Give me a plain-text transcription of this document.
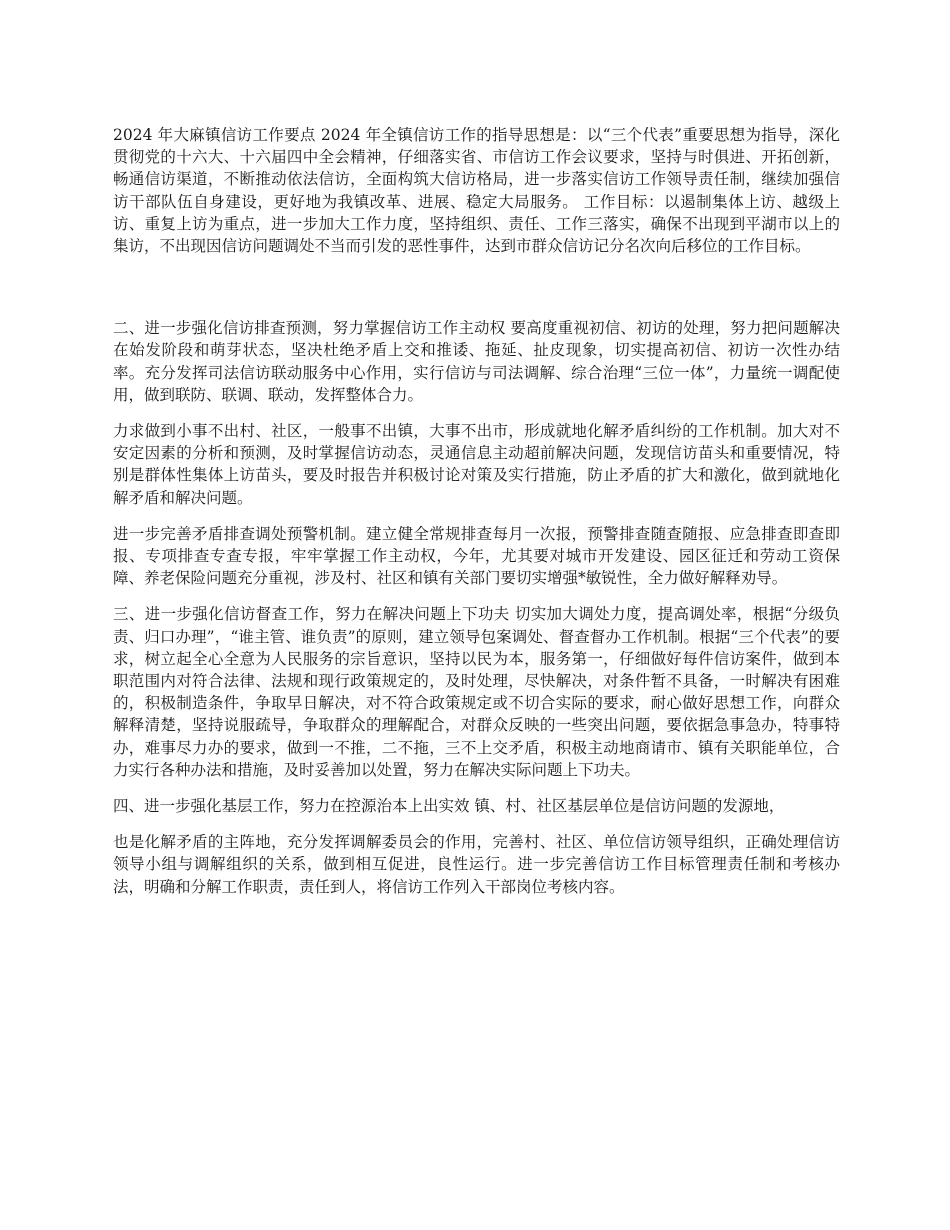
2024 年大麻镇信访工作要点 2024 年全镇信访工作的指导思想是：以“三个代表”重要思想为指导，深化贯彻党的十六大、十六届四中全会精神，仔细落实省、市信访工作会议要求，坚持与时俱进、开拓创新，畅通信访渠道，不断推动依法信访，全面构筑大信访格局，进一步落实信访工作领导责任制，继续加强信访干部队伍自身建设，更好地为我镇改革、进展、稳定大局服务。 工作目标：以遏制集体上访、越级上访、重复上访为重点，进一步加大工作力度，坚持组织、责任、工作三落实，确保不出现到平湖市以上的集访，不出现因信访问题调处不当而引发的恶性事件，达到市群众信访记分名次向后移位的工作目标。

二、进一步强化信访排查预测，努力掌握信访工作主动权 要高度重视初信、初访的处理，努力把问题解决在始发阶段和萌芽状态，坚决杜绝矛盾上交和推诿、拖延、扯皮现象，切实提高初信、初访一次性办结率。充分发挥司法信访联动服务中心作用，实行信访与司法调解、综合治理“三位一体”，力量统一调配使用，做到联防、联调、联动，发挥整体合力。

力求做到小事不出村、社区，一般事不出镇，大事不出市，形成就地化解矛盾纠纷的工作机制。加大对不安定因素的分析和预测，及时掌握信访动态，灵通信息主动超前解决问题，发现信访苗头和重要情况，特别是群体性集体上访苗头，要及时报告并积极讨论对策及实行措施，防止矛盾的扩大和激化，做到就地化解矛盾和解决问题。

进一步完善矛盾排查调处预警机制。建立健全常规排查每月一次报，预警排查随查随报、应急排查即查即报、专项排查专查专报，牢牢掌握工作主动权，今年，尤其要对城市开发建设、园区征迁和劳动工资保障、养老保险问题充分重视，涉及村、社区和镇有关部门要切实增强*敏锐性，全力做好解释劝导。

三、进一步强化信访督查工作，努力在解决问题上下功夫 切实加大调处力度，提高调处率，根据“分级负责、归口办理”，“谁主管、谁负责”的原则，建立领导包案调处、督查督办工作机制。根据“三个代表”的要求，树立起全心全意为人民服务的宗旨意识，坚持以民为本，服务第一，仔细做好每件信访案件，做到本职范围内对符合法律、法规和现行政策规定的，及时处理，尽快解决，对条件暂不具备，一时解决有困难的，积极制造条件，争取早日解决，对不符合政策规定或不切合实际的要求，耐心做好思想工作，向群众解释清楚，坚持说服疏导，争取群众的理解配合，对群众反映的一些突出问题，要依据急事急办，特事特办，难事尽力办的要求，做到一不推，二不拖，三不上交矛盾，积极主动地商请市、镇有关职能单位，合力实行各种办法和措施，及时妥善加以处置，努力在解决实际问题上下功夫。

四、进一步强化基层工作，努力在控源治本上出实效 镇、村、社区基层单位是信访问题的发源地，

也是化解矛盾的主阵地，充分发挥调解委员会的作用，完善村、社区、单位信访领导组织，正确处理信访领导小组与调解组织的关系，做到相互促进，良性运行。进一步完善信访工作目标管理责任制和考核办法，明确和分解工作职责，责任到人，将信访工作列入干部岗位考核内容。
